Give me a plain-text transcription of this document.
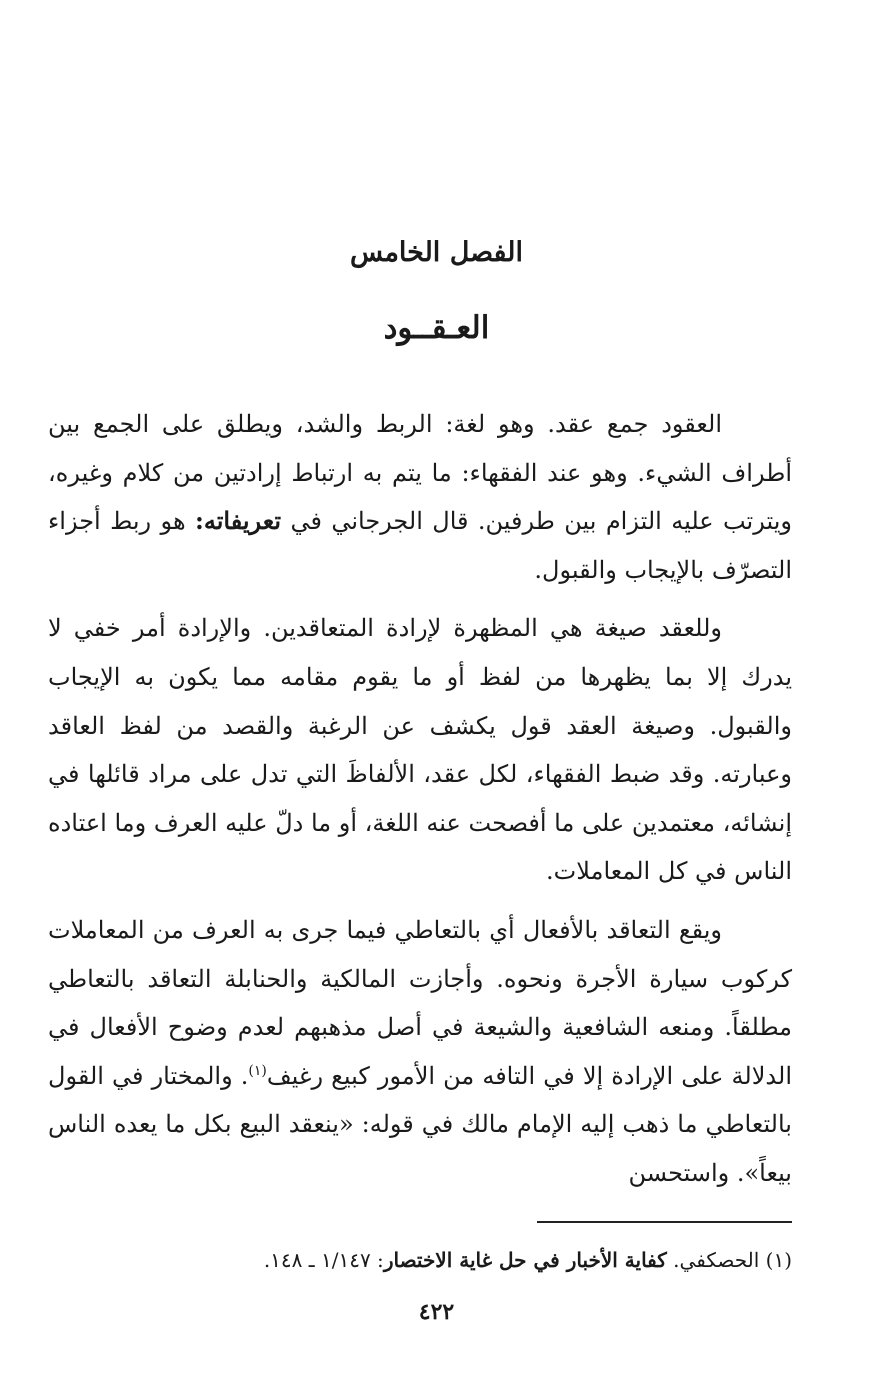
الفصل الخامس
العـقــود

العقود جمع عقد. وهو لغة: الربط والشد، ويطلق على الجمع بين أطراف الشيء. وهو عند الفقهاء: ما يتم به ارتباط إرادتين من كلام وغيره، ويترتب عليه التزام بين طرفين. قال الجرجاني في تعريفاته: هو ربط أجزاء التصرّف بالإيجاب والقبول.

وللعقد صيغة هي المظهرة لإرادة المتعاقدين. والإرادة أمر خفي لا يدرك إلا بما يظهرها من لفظ أو ما يقوم مقامه مما يكون به الإيجاب والقبول. وصيغة العقد قول يكشف عن الرغبة والقصد من لفظ العاقد وعبارته. وقد ضبط الفقهاء، لكل عقد، الألفاظَ التي تدل على مراد قائلها في إنشائه، معتمدين على ما أفصحت عنه اللغة، أو ما دلّ عليه العرف وما اعتاده الناس في كل المعاملات.

ويقع التعاقد بالأفعال أي بالتعاطي فيما جرى به العرف من المعاملات كركوب سيارة الأجرة ونحوه. وأجازت المالكية والحنابلة التعاقد بالتعاطي مطلقاً. ومنعه الشافعية والشيعة في أصل مذهبهم لعدم وضوح الأفعال في الدلالة على الإرادة إلا في التافه من الأمور كبيع رغيف$^{(١)}$. والمختار في القول بالتعاطي ما ذهب إليه الإمام مالك في قوله: «ينعقد البيع بكل ما يعده الناس بيعاً». واستحسن

(١) الحصكفي. كفاية الأخبار في حل غاية الاختصار: ١/١٤٧ ـ ١٤٨.

٤٢٢
